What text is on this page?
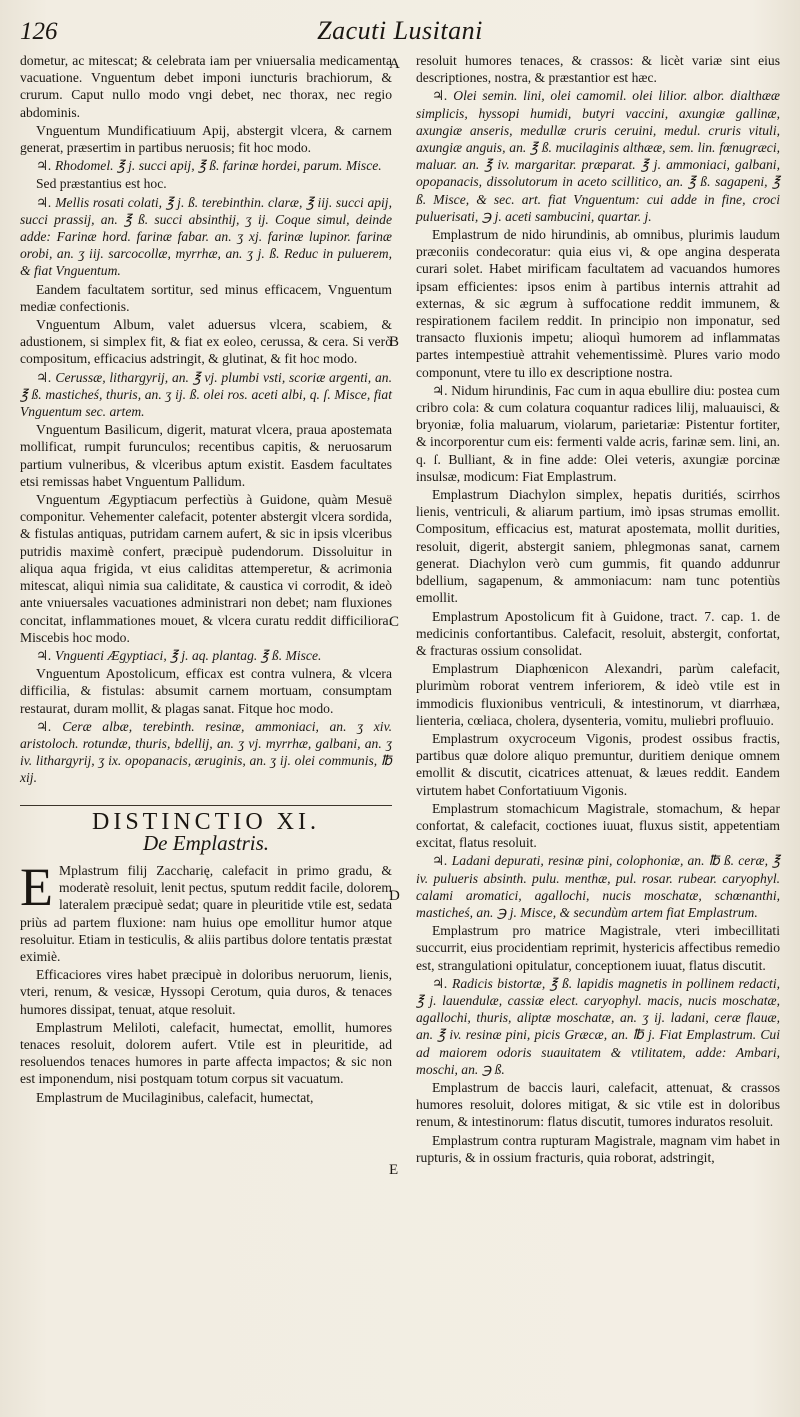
126	Zacuti Lusitani
A
B
C
D
E

dometur, ac mitescat; & celebrata iam per vniuersalia medicamenta vacuatione. Vnguentum debet imponi iuncturis brachiorum, & crurum. Caput nullo modo vngi debet, nec thorax, nec regio abdominis.

Vnguentum Mundificatiuum Apij, abstergit vlcera, & carnem generat, præsertim in partibus neruosis; fit hoc modo.

♃. Rhodomel. ℥ j. succi apij, ℥ ß. farinæ hordei, parum. Misce.

Sed præstantius est hoc.

♃. Mellis rosati colati, ℥ j. ß. terebinthin. claræ, ℥ iij. succi apij, succi prassij, an. ℥ ß. succi absinthij, ʒ ij. Coque simul, deinde adde: Farinæ hord. farinæ fabar. an. ʒ xj. farinæ lupinor. farinæ orobi, an. ʒ iij. sarcocollæ, myrrhæ, an. ʒ j. ß. Reduc in puluerem, & fiat Vnguentum.

Eandem facultatem sortitur, sed minus efficacem, Vnguentum mediæ confectionis.

Vnguentum Album, valet aduersus vlcera, scabiem, & adustionem, si simplex fit, & fiat ex eoleo, cerussa, & cera. Si verò compositum, efficacius adstringit, & glutinat, & fit hoc modo.

♃. Cerussæ, lithargyrij, an. ℥ vj. plumbi vsti, scoriæ argenti, an. ℥ ß. masticheś, thuris, an. ʒ ij. ß. olei ros. aceti albi, q. ſ. Misce, fiat Vnguentum sec. artem.

Vnguentum Basilicum, digerit, maturat vlcera, praua apostemata mollificat, rumpit furunculos; recentibus capitis, & neruosarum partium vulneribus, & vlceribus aptum existit. Easdem facultates etsi remissas habet Vnguentum Pallidum.

Vnguentum Ægyptiacum perfectiùs à Guidone, quàm Mesuë componitur. Vehementer calefacit, potenter abstergit vlcera sordida, & fistulas antiquas, putridam carnem aufert, & sic in ipsis vlceribus putridis maximè confert, præcipuè pudendorum. Dissoluitur in aliqua aqua frigida, vt eius caliditas attemperetur, & acrimonia mitescat, aliquì nimia sua caliditate, & caustica vi corrodit, & ideò ante vniuersales vacuationes administrari non debet; nam fluxiones concitat, inflammationes mouet, & vlcera curatu reddit difficiliora. Miscebis hoc modo.

♃. Vnguenti Ægyptiaci, ℥ j. aq. plantag. ℥ ß. Misce.

Vnguentum Apostolicum, efficax est contra vulnera, & vlcera difficilia, & fistulas: absumit carnem mortuam, consumptam restaurat, duram mollit, & plagas sanat. Fitque hoc modo.

♃. Ceræ albæ, terebinth. resinæ, ammoniaci, an. ʒ xiv. aristoloch. rotundæ, thuris, bdellij, an. ʒ vj. myrrhæ, galbani, an. ʒ iv. lithargyrij, ʒ ix. opopanacis, æruginis, an. ʒ ij. olei communis, ℔ xij.

DISTINCTIO XI.
De Emplastris.

E Mplastrum filij Zaccharię, calefacit in primo gradu, & moderatè resoluit, lenit pectus, sputum reddit facile, dolorem lateralem præcipuè sedat; quare in pleuritide vtile est, sedata priùs ad partem fluxione: nam huius ope emollitur humor atque resoluitur. Etiam in testiculis, & aliis partibus dolore tentatis præstat eximiè.

Efficaciores vires habet præcipuè in doloribus neruorum, lienis, vteri, renum, & vesicæ, Hyssopi Cerotum, quia duros, & tenaces humores dissipat, tenuat, atque resoluit.

Emplastrum Meliloti, calefacit, humectat, emollit, humores tenaces resoluit, dolorem aufert. Vtile est in pleuritide, ad resoluendos tenaces humores in parte affecta impactos; & sic non est imponendum, nisi postquam totum corpus sit vacuatum.

Emplastrum de Mucilaginibus, calefacit, humectat,

resoluit humores tenaces, & crassos: & licèt variæ sint eius descriptiones, nostra, & præstantior est hæc.

♃. Olei semin. lini, olei camomil. olei lilior. albor. dialthææ simplicis, hyssopi humidi, butyri vaccini, axungiæ gallinæ, axungiæ anseris, medullæ cruris ceruini, medul. cruris vituli, axungiæ anguis, an. ℥ ß. mucilaginis althææ, sem. lin. fœnugræci, maluar. an. ℥ iv. margaritar. præparat. ℥ j. ammoniaci, galbani, opopanacis, dissolutorum in aceto scillitico, an. ℥ ß. sagapeni, ℥ ß. Misce, & sec. art. fiat Vnguentum: cui adde in fine, croci puluerisati, ℈ j. aceti sambucini, quartar. j.

Emplastrum de nido hirundinis, ab omnibus, plurimis laudum præconiis condecoratur: quia eius vi, & ope angina desperata curari solet. Habet mirificam facultatem ad vacuandos humores ipsam efficientes: ipsos enim à partibus internis attrahit ad externas, & sic ægrum à suffocatione reddit immunem, & respirationem facilem reddit. In principio non imponatur, sed transacto fluxionis impetu; alioquì humorem ad inflammatas partes intempestiuè attrahit vehementissimè. Plures vario modo componunt, vtere tu illo ex descriptione nostra.

♃. Nidum hirundinis, Fac cum in aqua ebullire diu: postea cum cribro cola: & cum colatura coquantur radices lilij, maluauisci, & bryoniæ, folia maluarum, violarum, parietariæ: Pistentur fortiter, & incorporentur cum eis: fermenti valde acris, farinæ sem. lini, an. q. ſ. Bulliant, & in fine adde: Olei veteris, axungiæ porcinæ insulsæ, modicum: Fiat Emplastrum.

Emplastrum Diachylon simplex, hepatis duritiés, scirrhos lienis, ventriculi, & aliarum partium, imò ipsas strumas emollit. Compositum, efficacius est, maturat apostemata, mollit durities, resoluit, digerit, abstergit saniem, phlegmonas sanat, carnem generat. Diachylon verò cum gummis, fit quando addunrur bdellium, sagapenum, & ammoniacum: nam tunc potentiùs emollit.

Emplastrum Apostolicum fit à Guidone, tract. 7. cap. 1. de medicinis confortantibus. Calefacit, resoluit, abstergit, confortat, & fracturas ossium consolidat.

Emplastrum Diaphœnicon Alexandri, parùm calefacit, plurimùm roborat ventrem inferiorem, & ideò vtile est in immodicis fluxionibus ventriculi, & intestinorum, vt diarrhæa, lienteria, cœliaca, cholera, dysenteria, vomitu, muliebri profluuio.

Emplastrum oxycroceum Vigonis, prodest ossibus fractis, partibus quæ dolore aliquo premuntur, duritiem denique omnem emollit & discutit, cicatrices attenuat, & læues reddit. Eandem virtutem habet Confortatiuum Vigonis.

Emplastrum stomachicum Magistrale, stomachum, & hepar confortat, & calefacit, coctiones iuuat, fluxus sistit, appetentiam excitat, flatus resoluit.

♃. Ladani depurati, resinæ pini, colophoniæ, an. ℔ ß. ceræ, ℥ iv. pulueris absinth. pulu. menthæ, pul. rosar. rubear. caryophyl. calami aromatici, agallochi, nucis moschatæ, schœnanthi, masticheś, an. ℈ j. Misce, & secundùm artem fiat Emplastrum.

Emplastrum pro matrice Magistrale, vteri imbecillitati succurrit, eius procidentiam reprimit, hystericis affectibus remedio est, strangulationi opitulatur, conceptionem iuuat, flatus discutit.

♃. Radicis bistortæ, ℥ ß. lapidis magnetis in pollinem redacti, ℥ j. lauendulæ, cassiæ elect. caryophyl. macis, nucis moschatæ, agallochi, thuris, aliptæ moschatæ, an. ʒ ij. ladani, ceræ flauæ, an. ℥ iv. resinæ pini, picis Græcæ, an. ℔ j. Fiat Emplastrum. Cui ad maiorem odoris suauitatem & vtilitatem, adde: Ambari, moschi, an. ℈ ß.

Emplastrum de baccis lauri, calefacit, attenuat, & crassos humores resoluit, dolores mitigat, & sic vtile est in doloribus renum, & intestinorum: flatus discutit, tumores induratos resoluit.

Emplastrum contra rupturam Magistrale, magnam vim habet in rupturis, & in ossium fracturis, quia roborat, adstringit,
